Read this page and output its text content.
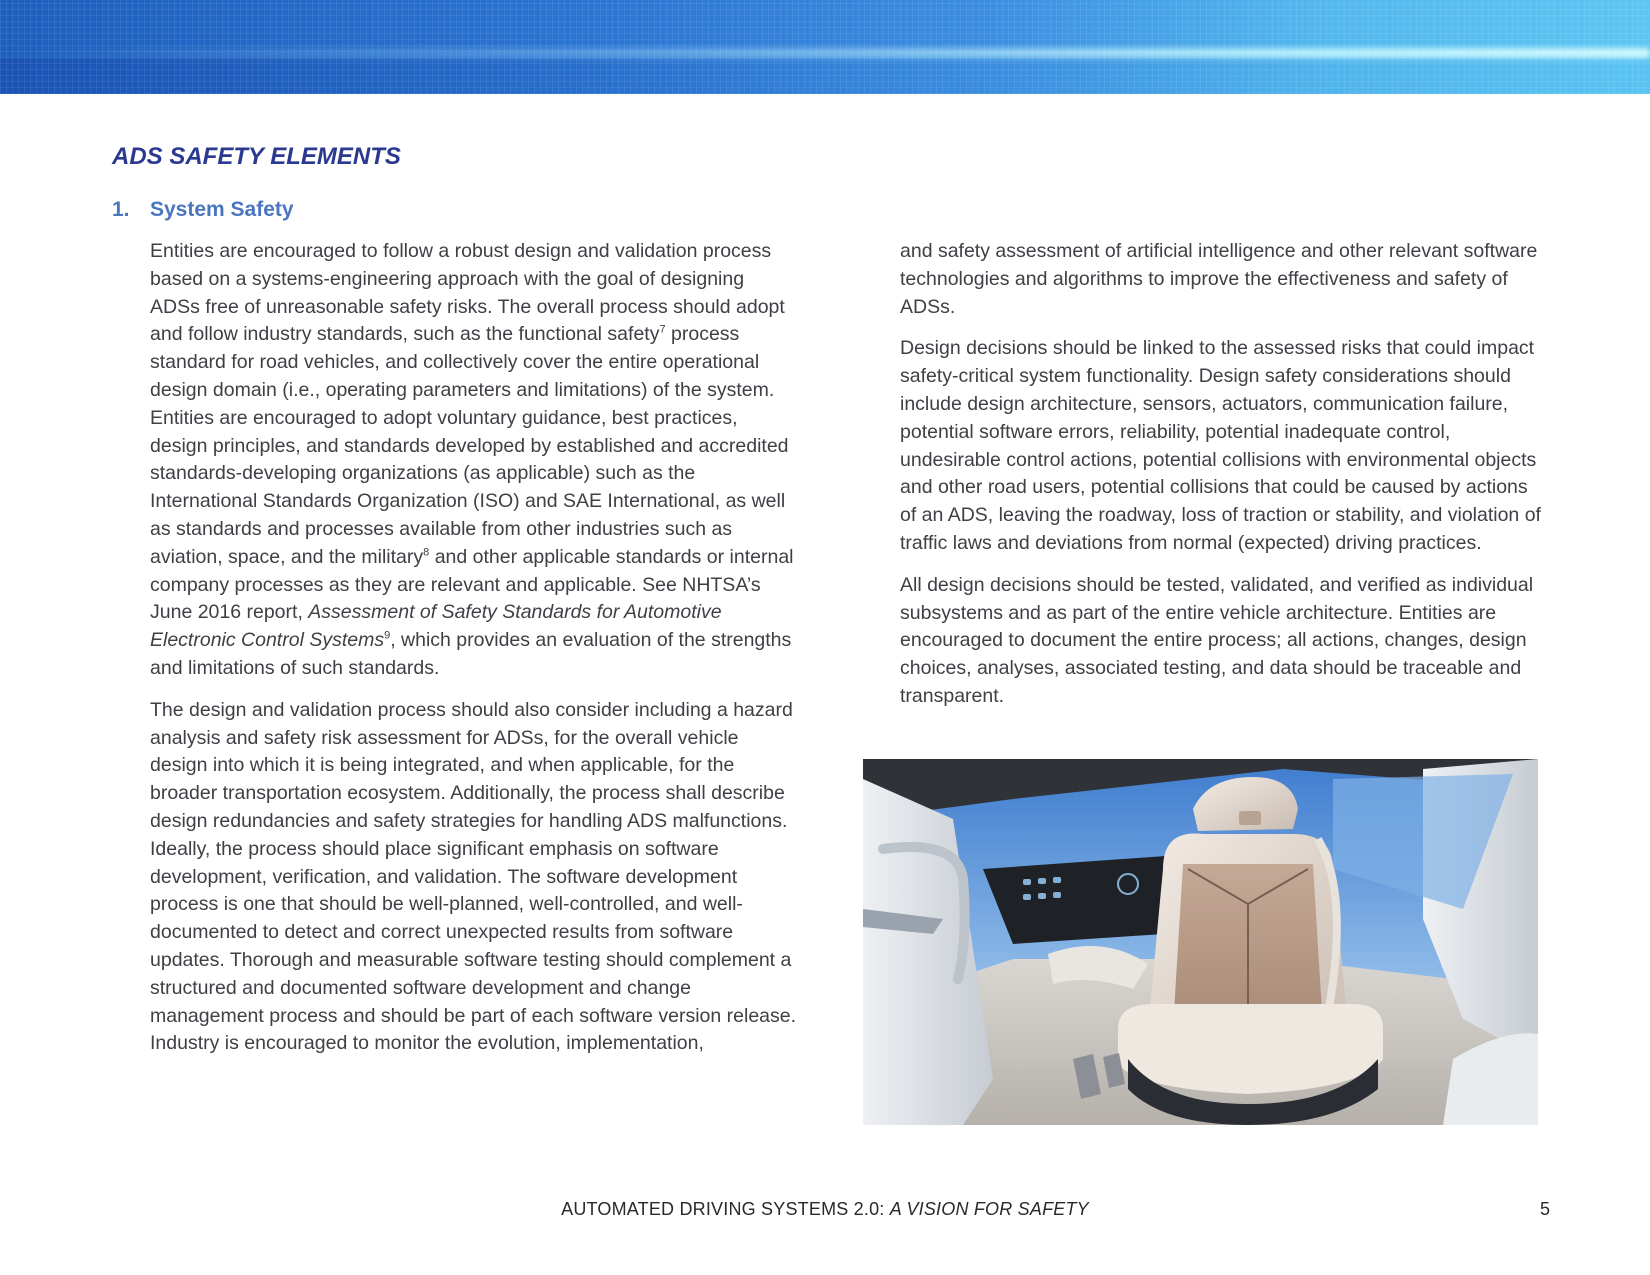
ADS SAFETY ELEMENTS
1. System Safety

Entities are encouraged to follow a robust design and validation process based on a systems-engineering approach with the goal of designing ADSs free of unreasonable safety risks. The overall process should adopt and follow industry standards, such as the functional safety$^7$ process standard for road vehicles, and collectively cover the entire operational design domain (i.e., operating parameters and limitations) of the system. Entities are encouraged to adopt voluntary guidance, best practices, design principles, and standards developed by established and accredited standards-developing organizations (as applicable) such as the International Standards Organization (ISO) and SAE International, as well as standards and processes available from other industries such as aviation, space, and the military$^8$ and other applicable standards or internal company processes as they are relevant and applicable. See NHTSA’s June 2016 report, Assessment of Safety Standards for Automotive Electronic Control Systems$^9$, which provides an evaluation of the strengths and limitations of such standards.

The design and validation process should also consider including a hazard analysis and safety risk assessment for ADSs, for the overall vehicle design into which it is being integrated, and when applicable, for the broader transportation ecosystem. Additionally, the process shall describe design redundancies and safety strategies for handling ADS malfunctions. Ideally, the process should place significant emphasis on software development, verification, and validation. The software development process is one that should be well-planned, well-controlled, and well-documented to detect and correct unexpected results from software updates. Thorough and measurable software testing should complement a structured and documented software development and change management process and should be part of each software version release. Industry is encouraged to monitor the evolution, implementation,

and safety assessment of artificial intelligence and other relevant software technologies and algorithms to improve the effectiveness and safety of ADSs.

Design decisions should be linked to the assessed risks that could impact safety-critical system functionality. Design safety considerations should include design architecture, sensors, actuators, communication failure, potential software errors, reliability, potential inadequate control, undesirable control actions, potential collisions with environmental objects and other road users, potential collisions that could be caused by actions of an ADS, leaving the roadway, loss of traction or stability, and violation of traffic laws and deviations from normal (expected) driving practices.

All design decisions should be tested, validated, and verified as individual subsystems and as part of the entire vehicle architecture. Entities are encouraged to document the entire process; all actions, changes, design choices, analyses, associated testing, and data should be traceable and transparent.

AUTOMATED DRIVING SYSTEMS 2.0: A VISION FOR SAFETY	5
